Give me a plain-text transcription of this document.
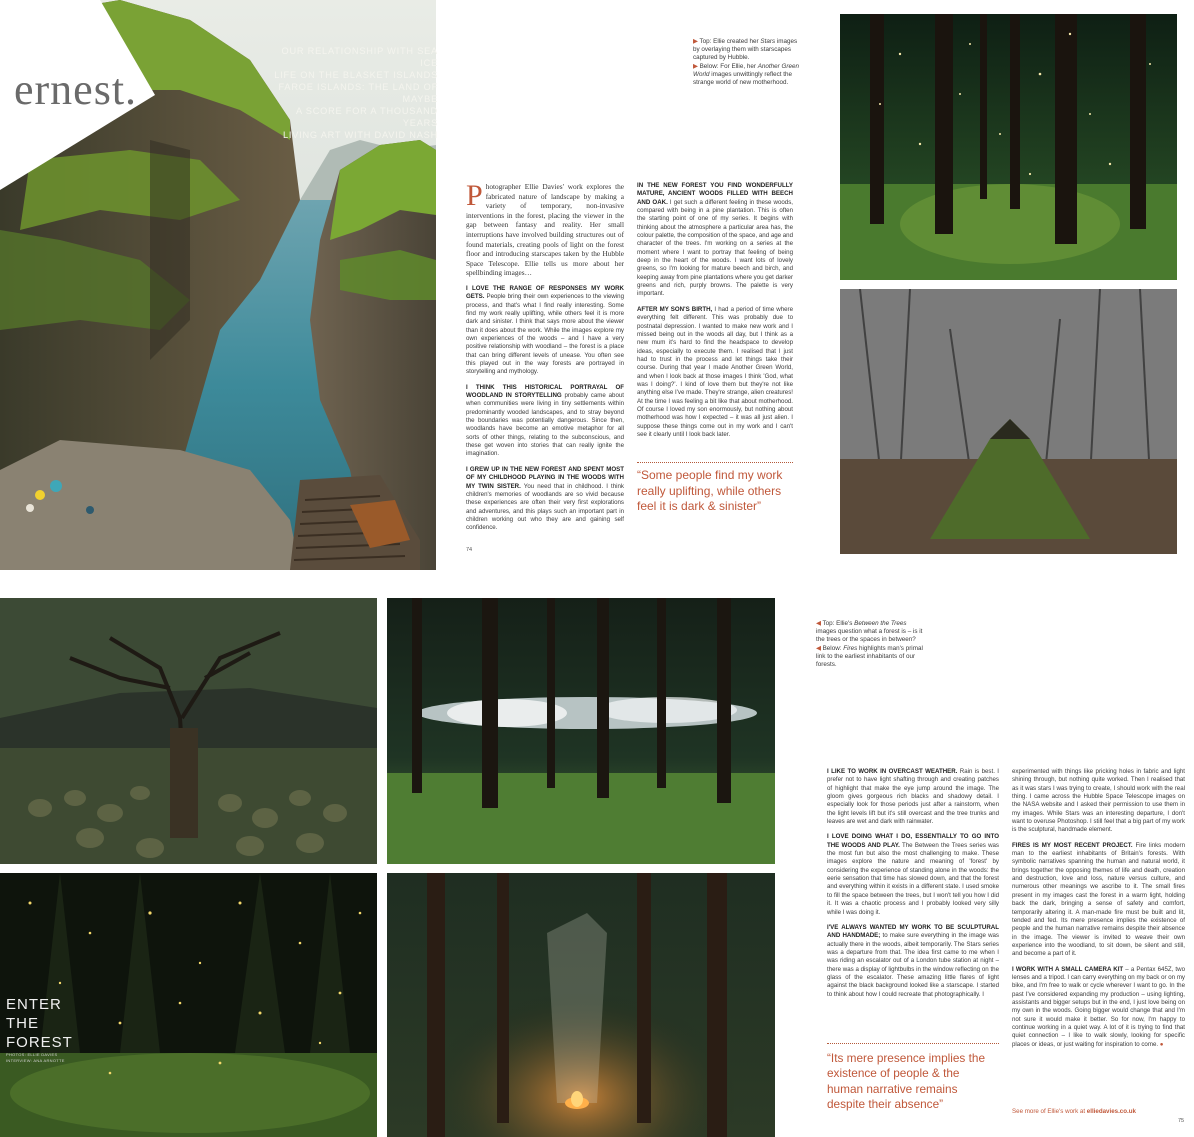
ernest.
OUR RELATIONSHIP WITH SEA ICE
LIFE ON THE BLASKET ISLANDS
FAROE ISLANDS: THE LAND OF MAYBE
A SCORE FOR A THOUSAND YEARS
LIVING ART WITH DAVID NASH
▶ Top: Ellie created her Stars images by overlaying them with starscapes captured by Hubble.
▶ Below: For Ellie, her Another Green World images unwittingly reflect the strange world of new motherhood.

Photographer Ellie Davies' work explores the fabricated nature of landscape by making a variety of temporary, non-invasive interventions in the forest, placing the viewer in the gap between fantasy and reality. Her small interruptions have involved building structures out of found materials, creating pools of light on the forest floor and introducing starscapes taken by the Hubble Space Telescope. Ellie tells us more about her spellbinding images…

I LOVE THE RANGE OF RESPONSES MY WORK GETS. People bring their own experiences to the viewing process, and that's what I find really interesting. Some find my work really uplifting, while others feel it is more dark and sinister. I think that says more about the viewer than it does about the work. While the images explore my own experiences of the woods – and I have a very positive relationship with woodland – the forest is a place that can bring different levels of unease. You often see this played out in the way forests are portrayed in storytelling and mythology.

I THINK THIS HISTORICAL PORTRAYAL OF WOODLAND IN STORYTELLING probably came about when communities were living in tiny settlements within predominantly wooded landscapes, and to stray beyond the boundaries was potentially dangerous. Since then, woodlands have become an emotive metaphor for all sorts of other things, relating to the subconscious, and these get woven into stories that can really ignite the imagination.

I GREW UP IN THE NEW FOREST AND SPENT MOST OF MY CHILDHOOD PLAYING IN THE WOODS WITH MY TWIN SISTER. You need that in childhood. I think children's memories of woodlands are so vivid because these experiences are often their very first explorations and adventures, and this plays such an important part in children working out who they are and gaining self confidence.

IN THE NEW FOREST YOU FIND WONDERFULLY MATURE, ANCIENT WOODS FILLED WITH BEECH AND OAK. I get such a different feeling in these woods, compared with being in a pine plantation. This is often the starting point of one of my series. It begins with thinking about the atmosphere a particular area has, the colour palette, the composition of the space, and age and character of the trees. I'm working on a series at the moment where I want to portray that feeling of being deep in the heart of the woods. I want lots of lovely greens, so I'm looking for mature beech and birch, and keeping away from pine plantations where you get darker greens and rich, purply browns. The palette is very important.

AFTER MY SON'S BIRTH, I had a period of time where everything felt different. This was probably due to postnatal depression. I wanted to make new work and I missed being out in the woods all day, but I think as a new mum it's hard to find the headspace to develop ideas, especially to execute them. I realised that I just had to trust in the process and let things take their course. During that year I made Another Green World, and when I look back at those images I think 'God, what was I doing?'. I kind of love them but they're not like anything else I've made. They're strange, alien creatures! At the time I was feeling a bit like that about motherhood. Of course I loved my son enormously, but nothing about motherhood was how I expected – it was all just alien. I suppose these things come out in my work and I can't see it clearly until I look back later.

“Some people find my work really uplifting, while others feel it is dark & sinister”
74
ENTER
THE
FOREST
PHOTOS: ELLIE DAVIES
INTERVIEW: ANA ARNOTTE
◀ Top: Ellie's Between the Trees images question what a forest is – is it the trees or the spaces in between?
◀ Below: Fires highlights man's primal link to the earliest inhabitants of our forests.

I LIKE TO WORK IN OVERCAST WEATHER. Rain is best. I prefer not to have light shafting through and creating patches of highlight that make the eye jump around the image. The gloom gives gorgeous rich blacks and shadowy detail. I especially look for those periods just after a rainstorm, when the light levels lift but it's still overcast and the tree trunks and leaves are wet and dark with rainwater.

I LOVE DOING WHAT I DO, ESSENTIALLY TO GO INTO THE WOODS AND PLAY. The Between the Trees series was the most fun but also the most challenging to make. These images explore the nature and meaning of 'forest' by considering the experience of standing alone in the woods: the eerie sensation that time has slowed down, and that the forest and everything within it exists in a different state. I used smoke to fill the space between the trees, but I won't tell you how I did it. It was a chaotic process and I probably looked very silly while I was doing it.

I'VE ALWAYS WANTED MY WORK TO BE SCULPTURAL AND HANDMADE; to make sure everything in the image was actually there in the woods, albeit temporarily. The Stars series was a departure from that. The idea first came to me when I was riding an escalator out of a London tube station at night – there was a display of lightbulbs in the window reflecting on the glass of the escalator. These amazing little flares of light against the black background looked like a starscape. I started to think about how I could recreate that photographically. I

experimented with things like pricking holes in fabric and light shining through, but nothing quite worked. Then I realised that as it was stars I was trying to create, I should work with the real thing. I came across the Hubble Space Telescope images on the NASA website and I asked their permission to use them in my images. While Stars was an interesting departure, I don't want to overuse Photoshop. I still feel that a big part of my work is the sculptural, handmade element.

FIRES IS MY MOST RECENT PROJECT. Fire links modern man to the earliest inhabitants of Britain's forests. With symbolic narratives spanning the human and natural world, it brings together the opposing themes of life and death, creation and destruction, love and loss, nature versus culture, and numerous other meanings we ascribe to it. The small fires present in my images cast the forest in a warm light, holding back the dark, bringing a sense of safety and comfort, temporarily altering it. A man-made fire must be built and lit, tended and fed. Its mere presence implies the existence of people and the human narrative remains despite their absence in the image. The viewer is invited to weave their own experience into the woodland, to sit down, be silent and still, and become a part of it.

I WORK WITH A SMALL CAMERA KIT – a Pentax 645Z, two lenses and a tripod. I can carry everything on my back or on my bike, and I'm free to walk or cycle wherever I want to go. In the past I've considered expanding my production – using lighting, assistants and bigger setups but in the end, I just love being on my own in the woods. Going bigger would change that and I'm not sure it would make it better. So for now, I'm happy to continue working in a quiet way. A lot of it is trying to find that quiet connection – I like to walk slowly, looking for specific places or ideas, or just waiting for inspiration to come. ●

“Its mere presence implies the existence of people & the human narrative remains despite their absence”
See more of Ellie's work at elliedavies.co.uk
75
